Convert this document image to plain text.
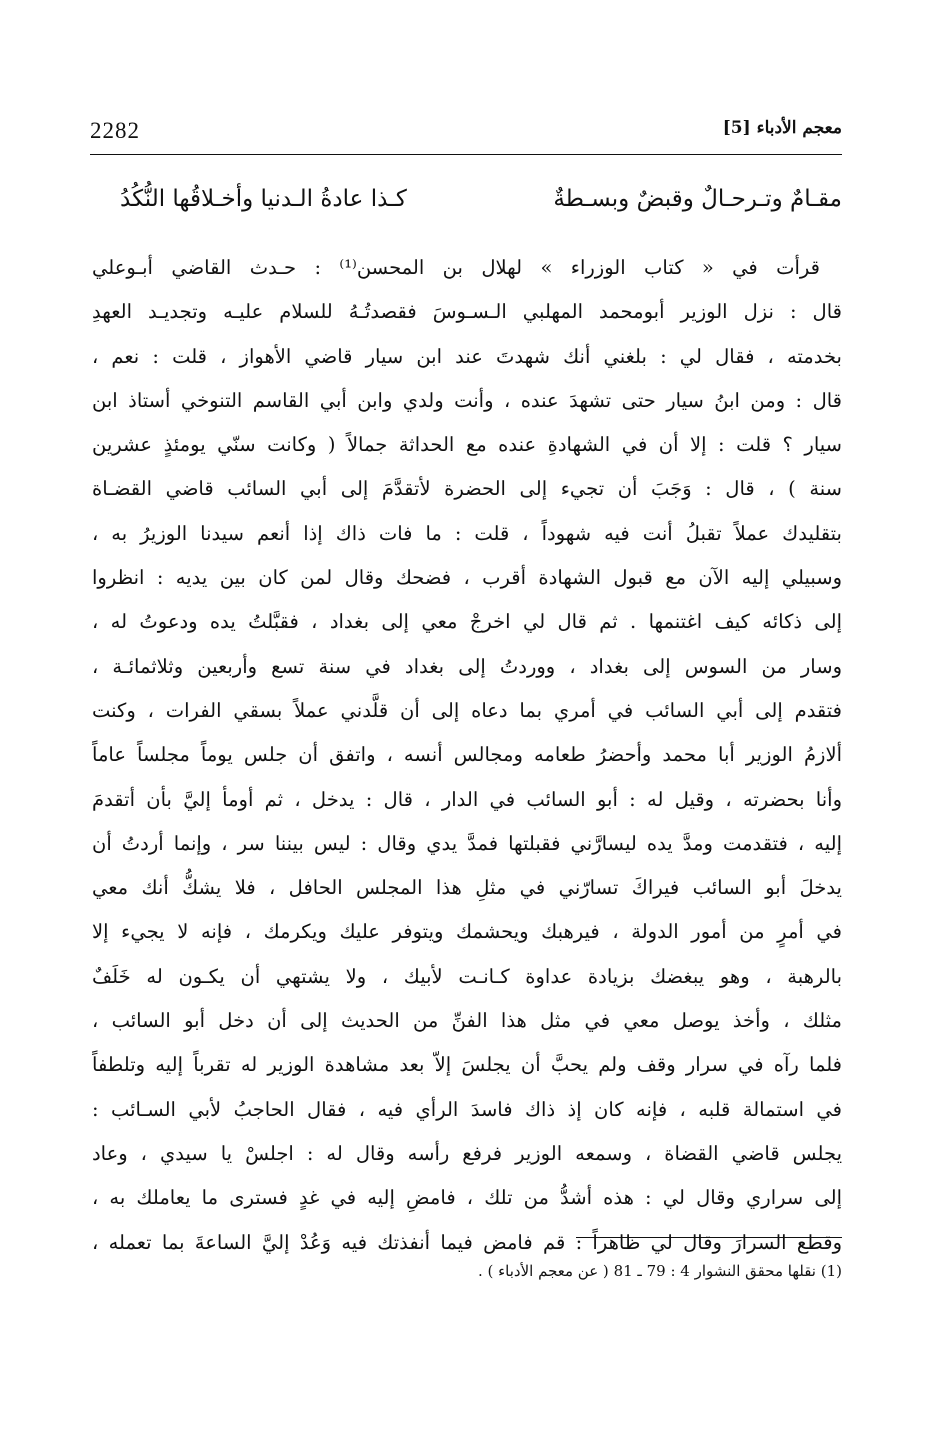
2282	معجم الأدباء [5]
مقـامٌ وتـرحـالٌ وقبضٌ وبسـطةٌ
كـذا عادةُ الـدنيا وأخـلاقُها النُّكُدُ
قرأت في « كتاب الوزراء » لهلال بن المحسن⁽¹⁾ : حـدث القاضي أبـوعلي
قال : نزل الوزير أبومحمد المهلبي الـسـوسَ فقصدتُـهُ للسلام عليـه وتجديـد العهدِ
بخدمته ، فقال لي : بلغني أنك شهدتَ عند ابن سيار قاضي الأهواز ، قلت : نعم ،
قال : ومن ابنُ سيار حتى تشهدَ عنده ، وأنت ولدي وابن أبي القاسم التنوخي أستاذ ابن
سيار ؟ قلت : إلا أن في الشهادةِ عنده مع الحداثة جمالاً ( وكانت سنّي يومئذٍ عشرين
سنة ) ، قال : وَجَبَ أن تجيء إلى الحضرة لأتقدَّمَ إلى أبي السائب قاضي القضـاة
بتقليدك عملاً تقبلُ أنت فيه شهوداً ، قلت : ما فات ذاك إذا أنعم سيدنا الوزيرُ به ،
وسبيلي إليه الآن مع قبول الشهادة أقرب ، فضحك وقال لمن كان بين يديه : انظروا
إلى ذكائه كيف اغتنمها . ثم قال لي اخرجْ معي إلى بغداد ، فقبَّلتُ يده ودعوتُ له ،
وسار من السوس إلى بغداد ، ووردتُ إلى بغداد في سنة تسع وأربعين وثلاثمائـة ،
فتقدم إلى أبي السائب في أمري بما دعاه إلى أن قلَّدني عملاً بسقي الفرات ، وكنت
ألازمُ الوزير أبا محمد وأحضرُ طعامه ومجالس أنسه ، واتفق أن جلس يوماً مجلساً عاماً
وأنا بحضرته ، وقيل له : أبو السائب في الدار ، قال : يدخل ، ثم أومأ إليَّ بأن أتقدمَ
إليه ، فتقدمت ومدَّ يده ليسارَّني فقبلتها فمدَّ يدي وقال : ليس بيننا سر ، وإنما أردتُ أن
يدخلَ أبو السائب فيراكَ تسارّني في مثلِ هذا المجلس الحافل ، فلا يشكُّ أنك معي
في أمرٍ من أمور الدولة ، فيرهبك ويحشمك ويتوفر عليك ويكرمك ، فإنه لا يجيء إلا
بالرهبة ، وهو يبغضك بزيادة عداوة كـانـت لأبيك ، ولا يشتهي أن يكـون له خَلَفٌ
مثلك ، وأخذ يوصل معي في مثل هذا الفنِّ من الحديث إلى أن دخل أبو السائب ،
فلما رآه في سرار وقف ولم يحبَّ أن يجلسَ إلاّ بعد مشاهدة الوزير له تقرباً إليه وتلطفاً
في استمالة قلبه ، فإنه كان إذ ذاك فاسدَ الرأي فيه ، فقال الحاجبُ لأبي السـائب :
يجلس قاضي القضاة ، وسمعه الوزير فرفع رأسه وقال له : اجلسْ يا سيدي ، وعاد
إلى سراري وقال لي : هذه أشدُّ من تلك ، فامضِ إليه في غدٍ فسترى ما يعاملك به ،
وقطع السرارَ وقال لي ظاهراً : قم فامض فيما أنفذتك فيه وَعُدْ إليَّ الساعةَ بما تعمله ،
(1) نقلها محقق النشوار 4 : 79 ـ 81 ( عن معجم الأدباء ) .
